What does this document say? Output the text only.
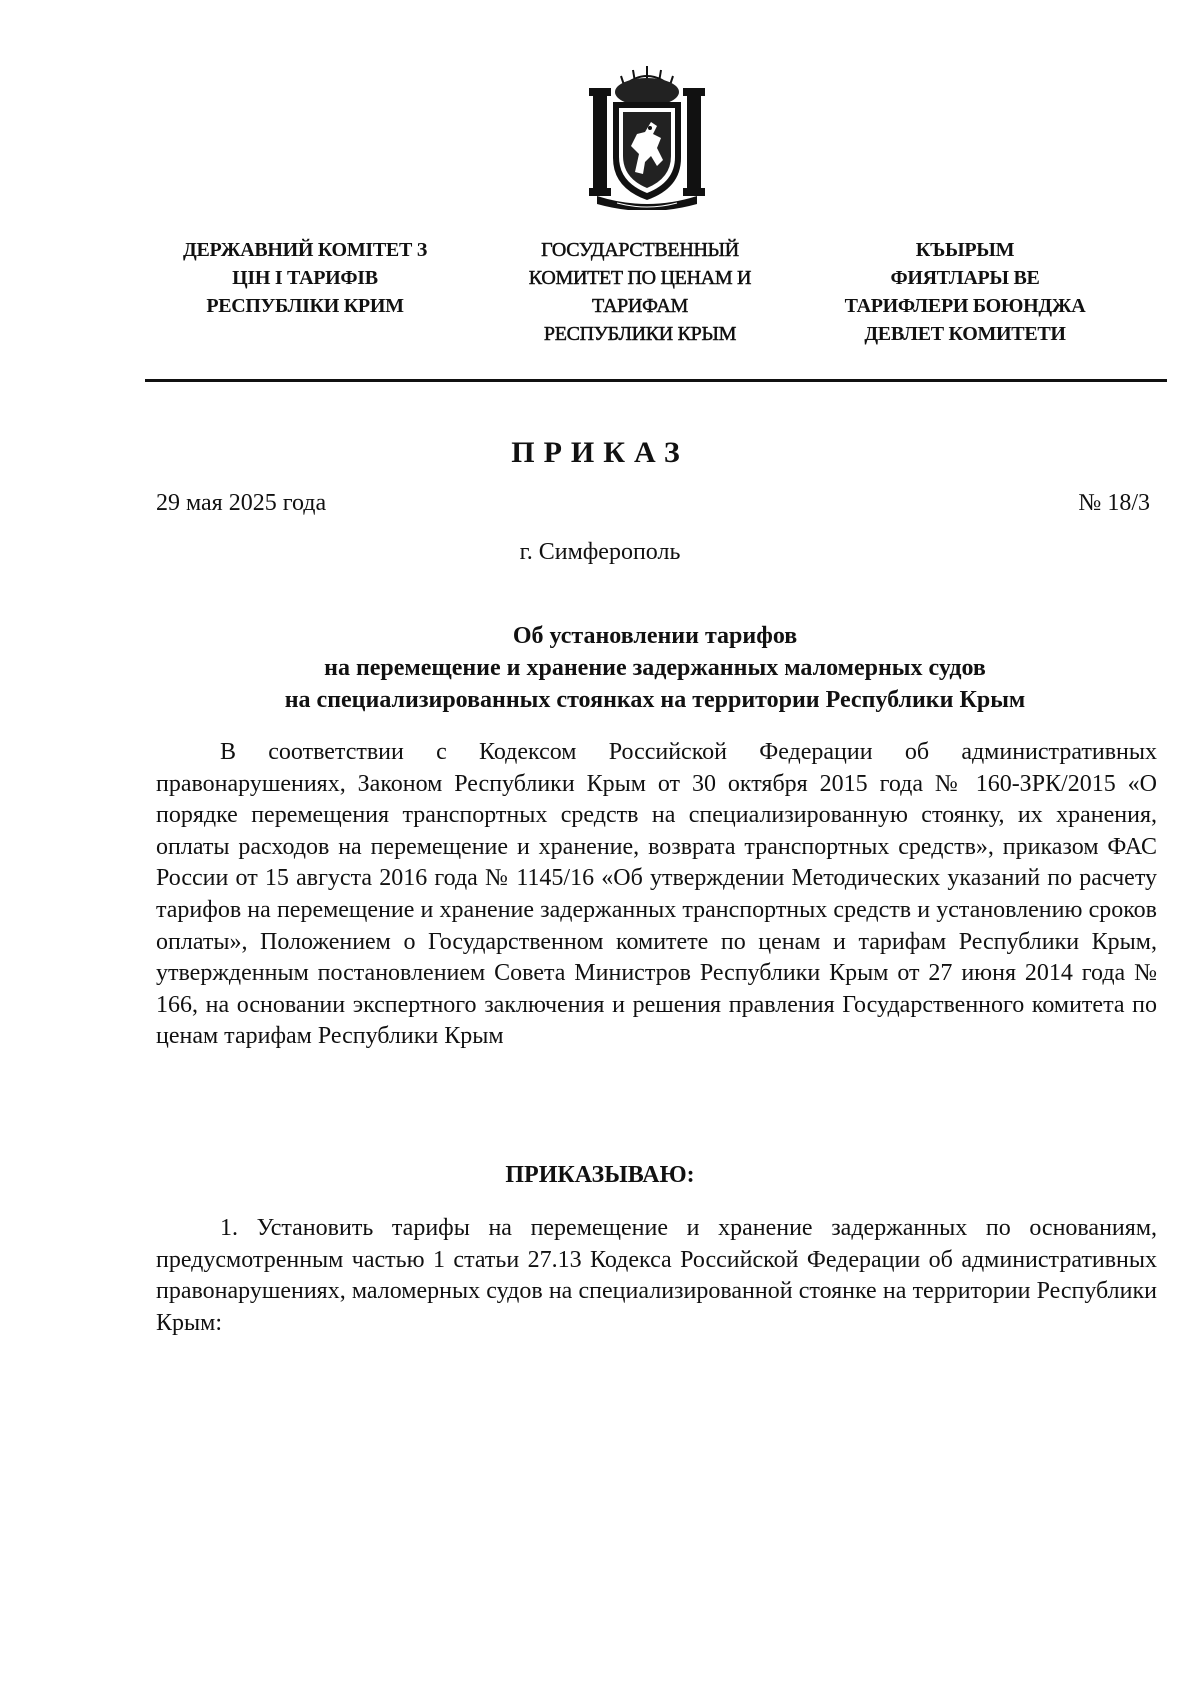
ДЕРЖАВНИЙ КОМІТЕТ З
ЦІН І ТАРИФІВ
РЕСПУБЛІКИ КРИМ
ГОСУДАРСТВЕННЫЙ
КОМИТЕТ ПО ЦЕНАМ И
ТАРИФАМ
РЕСПУБЛИКИ КРЫМ
КЪЫРЫМ
ФИЯТЛАРЫ ВЕ
ТАРИФЛЕРИ БОЮНДЖА
ДЕВЛЕТ КОМИТЕТИ
ПРИКАЗ
29 мая 2025 года	№ 18/3
г. Симферополь
Об установлении тарифов
на перемещение и хранение задержанных маломерных судов
на специализированных стоянках на территории Республики Крым

В соответствии с Кодексом Российской Федерации об административных правонарушениях, Законом Республики Крым от 30 октября 2015 года № 160-ЗРК/2015 «О порядке перемещения транспортных средств на специализированную стоянку, их хранения, оплаты расходов на перемещение и хранение, возврата транспортных средств», приказом ФАС России от 15 августа 2016 года № 1145/16 «Об утверждении Методических указаний по расчету тарифов на перемещение и хранение задержанных транспортных средств и установлению сроков оплаты», Положением о Государственном комитете по ценам и тарифам Республики Крым, утвержденным постановлением Совета Министров Республики Крым от 27 июня 2014 года № 166, на основании экспертного заключения и решения правления Государственного комитета по ценам тарифам Республики Крым

ПРИКАЗЫВАЮ:

1. Установить тарифы на перемещение и хранение задержанных по основаниям, предусмотренным частью 1 статьи 27.13 Кодекса Российской Федерации об административных правонарушениях, маломерных судов на специализированной стоянке на территории Республики Крым:
